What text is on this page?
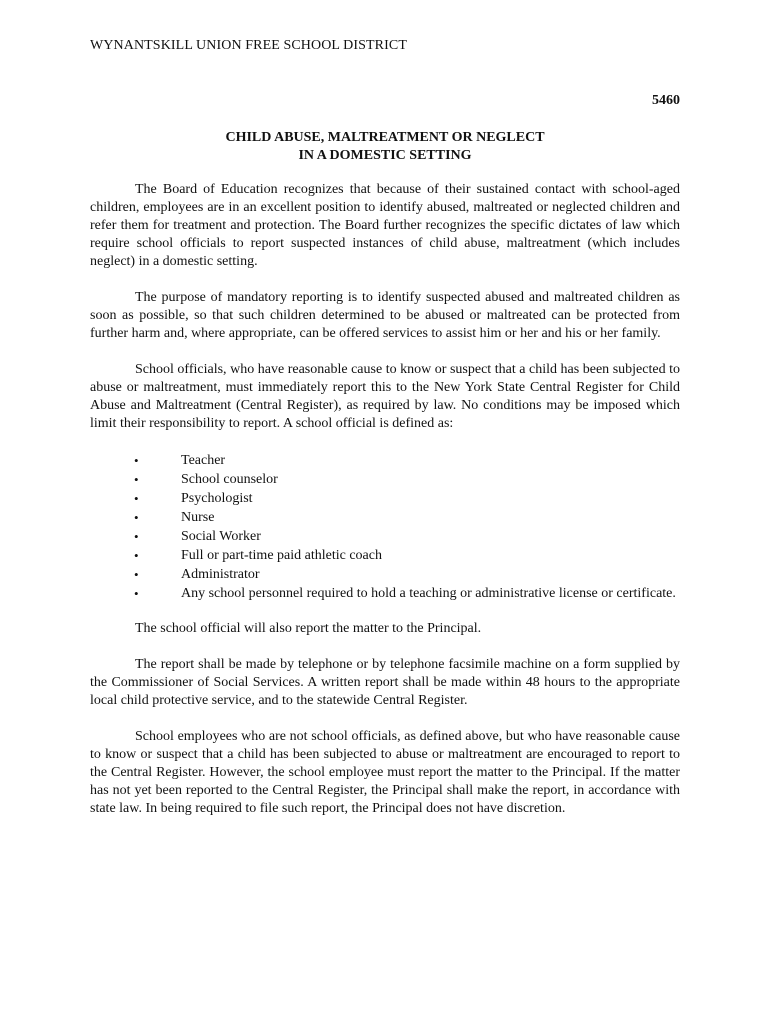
WYNANTSKILL UNION FREE SCHOOL DISTRICT
5460
CHILD ABUSE, MALTREATMENT OR NEGLECT
IN A DOMESTIC SETTING

The Board of Education recognizes that because of their sustained contact with school-aged children, employees are in an excellent position to identify abused, maltreated or neglected children and refer them for treatment and protection. The Board further recognizes the specific dictates of law which require school officials to report suspected instances of child abuse, maltreatment (which includes neglect) in a domestic setting.

The purpose of mandatory reporting is to identify suspected abused and maltreated children as soon as possible, so that such children determined to be abused or maltreated can be protected from further harm and, where appropriate, can be offered services to assist him or her and his or her family.

School officials, who have reasonable cause to know or suspect that a child has been subjected to abuse or maltreatment, must immediately report this to the New York State Central Register for Child Abuse and Maltreatment (Central Register), as required by law. No conditions may be imposed which limit their responsibility to report. A school official is defined as:

•	Teacher
•	School counselor
•	Psychologist
•	Nurse
•	Social Worker
•	Full or part-time paid athletic coach
•	Administrator
•	Any school personnel required to hold a teaching or administrative license or certificate.

The school official will also report the matter to the Principal.

The report shall be made by telephone or by telephone facsimile machine on a form supplied by the Commissioner of Social Services. A written report shall be made within 48 hours to the appropriate local child protective service, and to the statewide Central Register.

School employees who are not school officials, as defined above, but who have reasonable cause to know or suspect that a child has been subjected to abuse or maltreatment are encouraged to report to the Central Register. However, the school employee must report the matter to the Principal. If the matter has not yet been reported to the Central Register, the Principal shall make the report, in accordance with state law. In being required to file such report, the Principal does not have discretion.
